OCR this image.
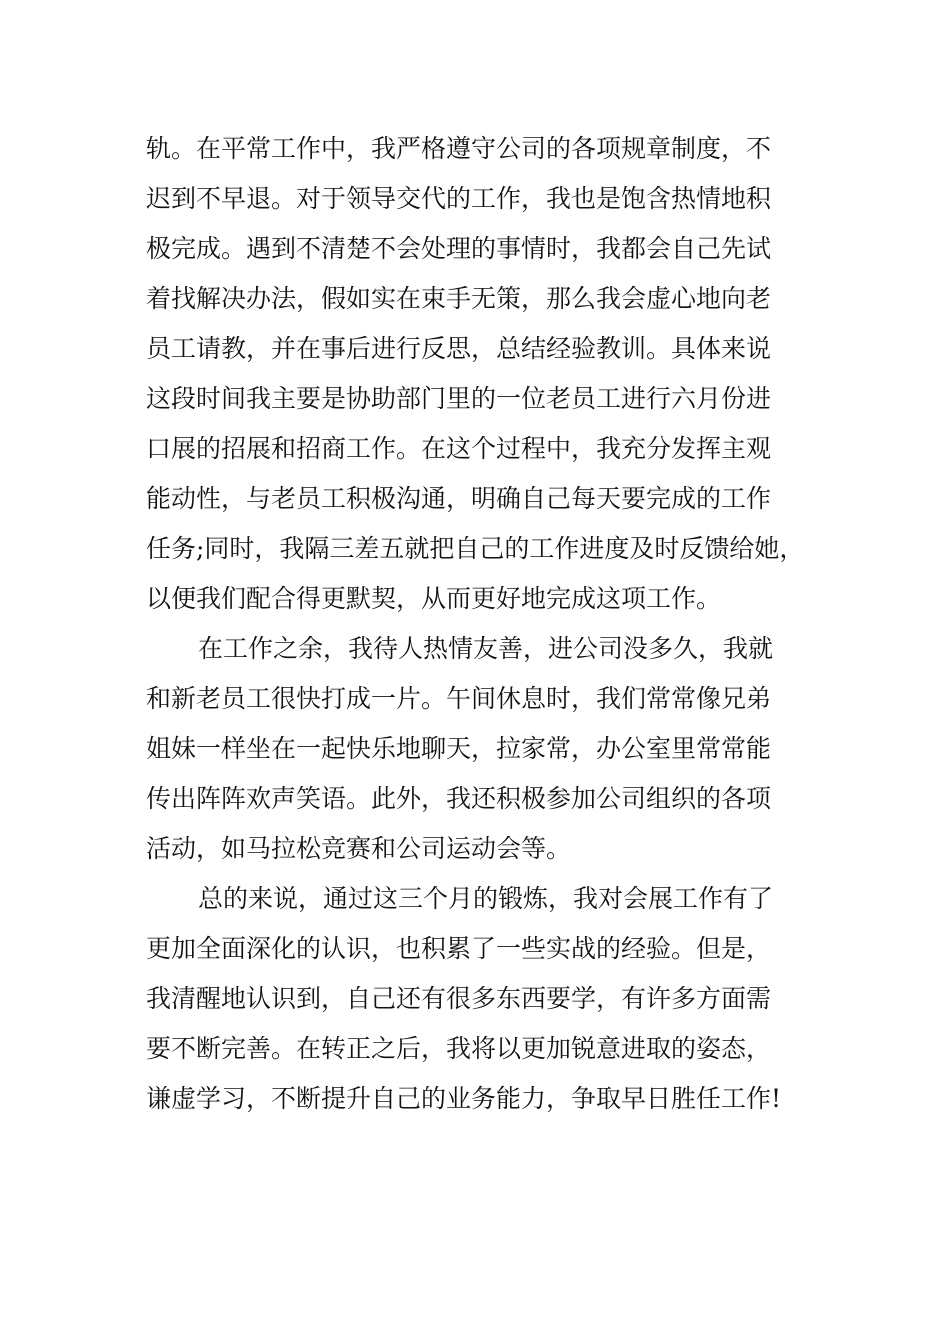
轨。在平常工作中，我严格遵守公司的各项规章制度，不
迟到不早退。对于领导交代的工作，我也是饱含热情地积
极完成。遇到不清楚不会处理的事情时，我都会自己先试
着找解决办法，假如实在束手无策，那么我会虚心地向老
员工请教，并在事后进行反思，总结经验教训。具体来说
这段时间我主要是协助部门里的一位老员工进行六月份进
口展的招展和招商工作。在这个过程中，我充分发挥主观
能动性，与老员工积极沟通，明确自己每天要完成的工作
任务;同时，我隔三差五就把自己的工作进度及时反馈给她，
以便我们配合得更默契，从而更好地完成这项工作。
在工作之余，我待人热情友善，进公司没多久，我就
和新老员工很快打成一片。午间休息时，我们常常像兄弟
姐妹一样坐在一起快乐地聊天，拉家常，办公室里常常能
传出阵阵欢声笑语。此外，我还积极参加公司组织的各项
活动，如马拉松竞赛和公司运动会等。
总的来说，通过这三个月的锻炼，我对会展工作有了
更加全面深化的认识，也积累了一些实战的经验。但是，
我清醒地认识到，自己还有很多东西要学，有许多方面需
要不断完善。在转正之后，我将以更加锐意进取的姿态，
谦虚学习，不断提升自己的业务能力，争取早日胜任工作!
